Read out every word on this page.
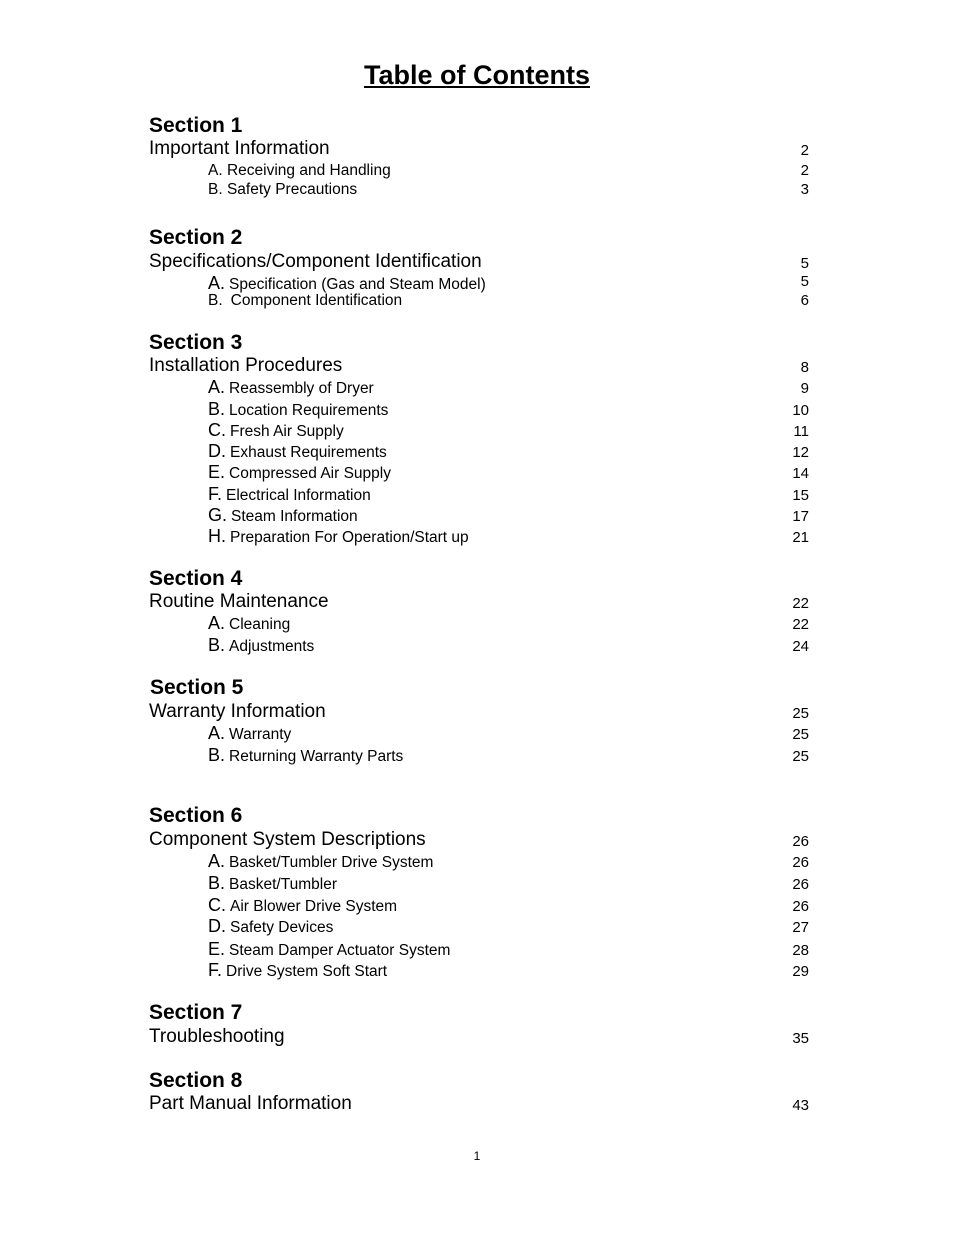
Table of Contents
Section 1
Important Information	2
A. Receiving and Handling	2
B. Safety Precautions	3
Section 2
Specifications/Component Identification	5
A. Specification (Gas and Steam Model)	5
B. Component Identification	6
Section 3
Installation Procedures	8
A. Reassembly of Dryer	9
B. Location Requirements	10
C. Fresh Air Supply	11
D. Exhaust Requirements	12
E. Compressed Air Supply	14
F. Electrical Information	15
G. Steam Information	17
H. Preparation For Operation/Start up	21
Section 4
Routine Maintenance	22
A. Cleaning	22
B. Adjustments	24
Section 5
Warranty Information	25
A. Warranty	25
B. Returning Warranty Parts	25
Section 6
Component System Descriptions	26
A. Basket/Tumbler Drive System	26
B. Basket/Tumbler	26
C. Air Blower Drive System	26
D. Safety Devices	27
E. Steam Damper Actuator System	28
F. Drive System Soft Start	29
Section 7
Troubleshooting	35
Section 8
Part Manual Information	43
1
